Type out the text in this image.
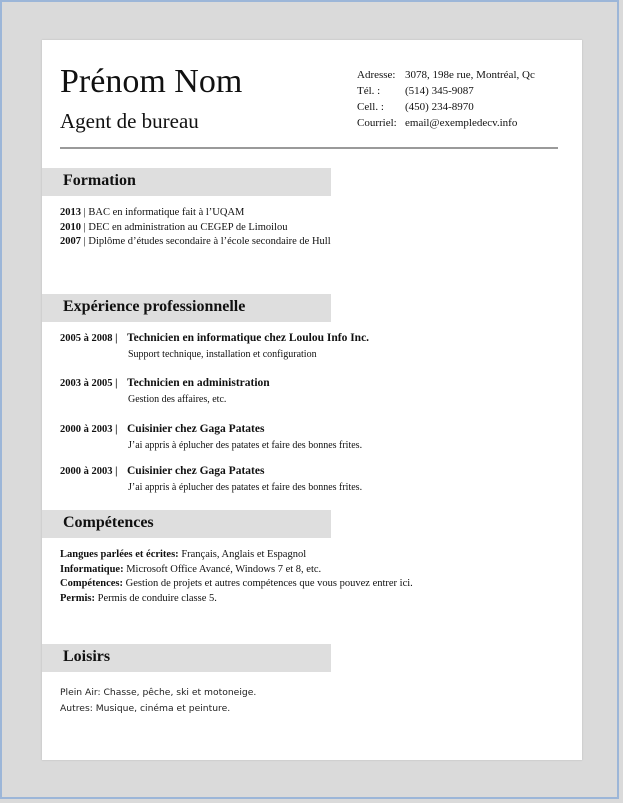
Prénom Nom
Agent de bureau
Adresse: 3078, 198e rue, Montréal, Qc
Tél. :	(514) 345-9087
Cell. :	(450) 234-8970
Courriel: email@exempledecv.info
Formation
2013 | BAC en informatique fait à l’UQAM
2010 | DEC en administration au CEGEP de Limoilou
2007 | Diplôme d’études secondaire à l’école secondaire de Hull
Expérience professionnelle
2005 à 2008 | Technicien en informatique chez Loulou Info Inc.
Support technique, installation et configuration
2003 à 2005 | Technicien en administration
Gestion des affaires, etc.
2000 à 2003 | Cuisinier chez Gaga Patates
J’ai appris à éplucher des patates et faire des bonnes frites.
2000 à 2003 | Cuisinier chez Gaga Patates
J’ai appris à éplucher des patates et faire des bonnes frites.
Compétences
Langues parlées et écrites: Français, Anglais et Espagnol
Informatique: Microsoft Office Avancé, Windows 7 et 8, etc.
Compétences: Gestion de projets et autres compétences que vous pouvez entrer ici.
Permis: Permis de conduire classe 5.
Loisirs
Plein Air: Chasse, pêche, ski et motoneige.
Autres: Musique, cinéma et peinture.
